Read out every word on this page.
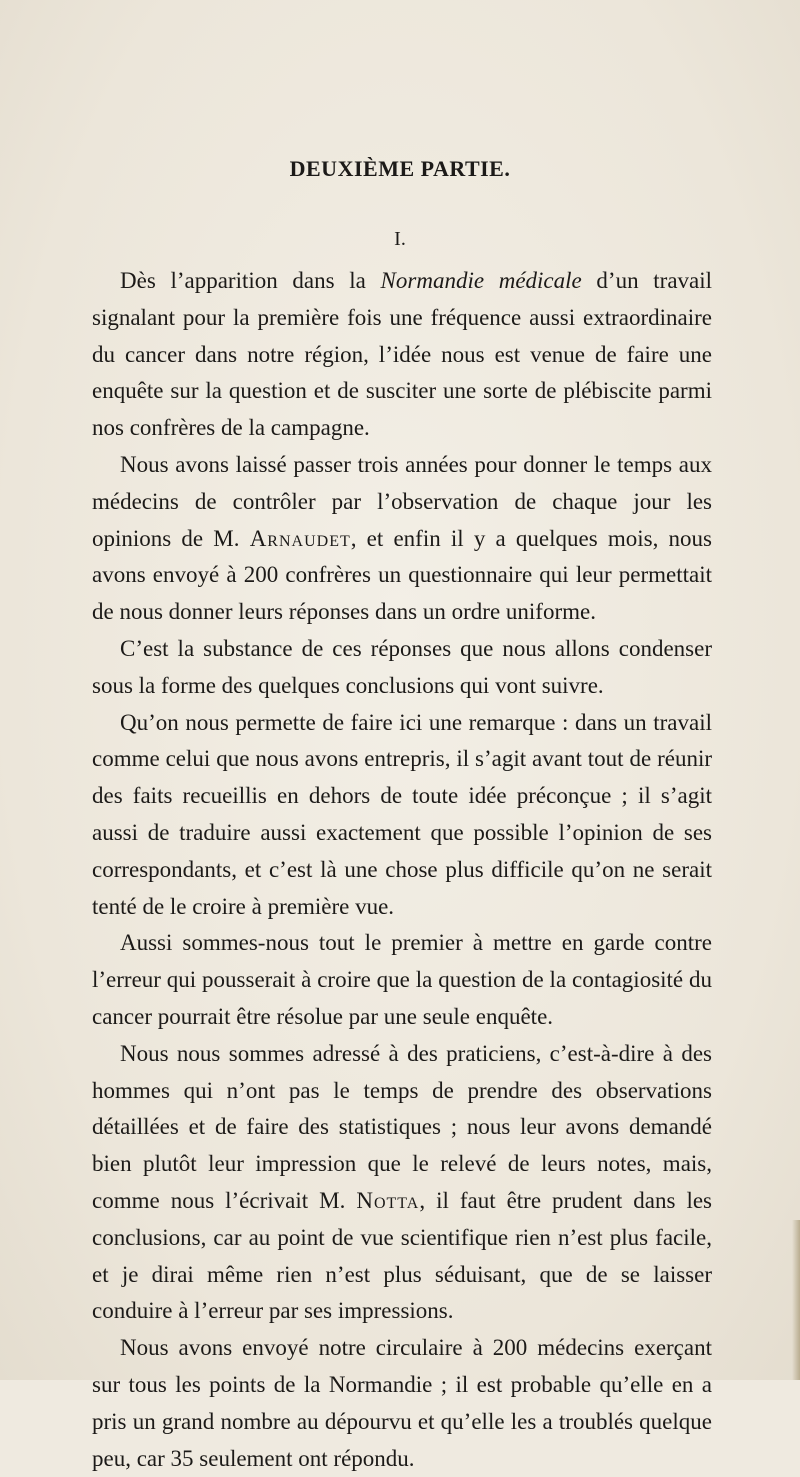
DEUXIÈME PARTIE.
I.

Dès l’apparition dans la Normandie médicale d’un travail signalant pour la première fois une fréquence aussi extraordinaire du cancer dans notre région, l’idée nous est venue de faire une enquête sur la question et de susciter une sorte de plébiscite parmi nos confrères de la campagne.

Nous avons laissé passer trois années pour donner le temps aux médecins de contrôler par l’observation de chaque jour les opinions de M. Arnaudet, et enfin il y a quelques mois, nous avons envoyé à 200 confrères un questionnaire qui leur permettait de nous donner leurs réponses dans un ordre uniforme.

C’est la substance de ces réponses que nous allons condenser sous la forme des quelques conclusions qui vont suivre.

Qu’on nous permette de faire ici une remarque : dans un travail comme celui que nous avons entrepris, il s’agit avant tout de réunir des faits recueillis en dehors de toute idée préconçue ; il s’agit aussi de traduire aussi exactement que possible l’opinion de ses correspondants, et c’est là une chose plus difficile qu’on ne serait tenté de le croire à première vue.

Aussi sommes-nous tout le premier à mettre en garde contre l’erreur qui pousserait à croire que la question de la contagiosité du cancer pourrait être résolue par une seule enquête.

Nous nous sommes adressé à des praticiens, c’est-à-dire à des hommes qui n’ont pas le temps de prendre des observations détaillées et de faire des statistiques ; nous leur avons demandé bien plutôt leur impression que le relevé de leurs notes, mais, comme nous l’écrivait M. Notta, il faut être prudent dans les conclusions, car au point de vue scientifique rien n’est plus facile, et je dirai même rien n’est plus séduisant, que de se laisser conduire à l’erreur par ses impressions.

Nous avons envoyé notre circulaire à 200 médecins exerçant sur tous les points de la Normandie ; il est probable qu’elle en a pris un grand nombre au dépourvu et qu’elle les a troublés quelque peu, car 35 seulement ont répondu.
